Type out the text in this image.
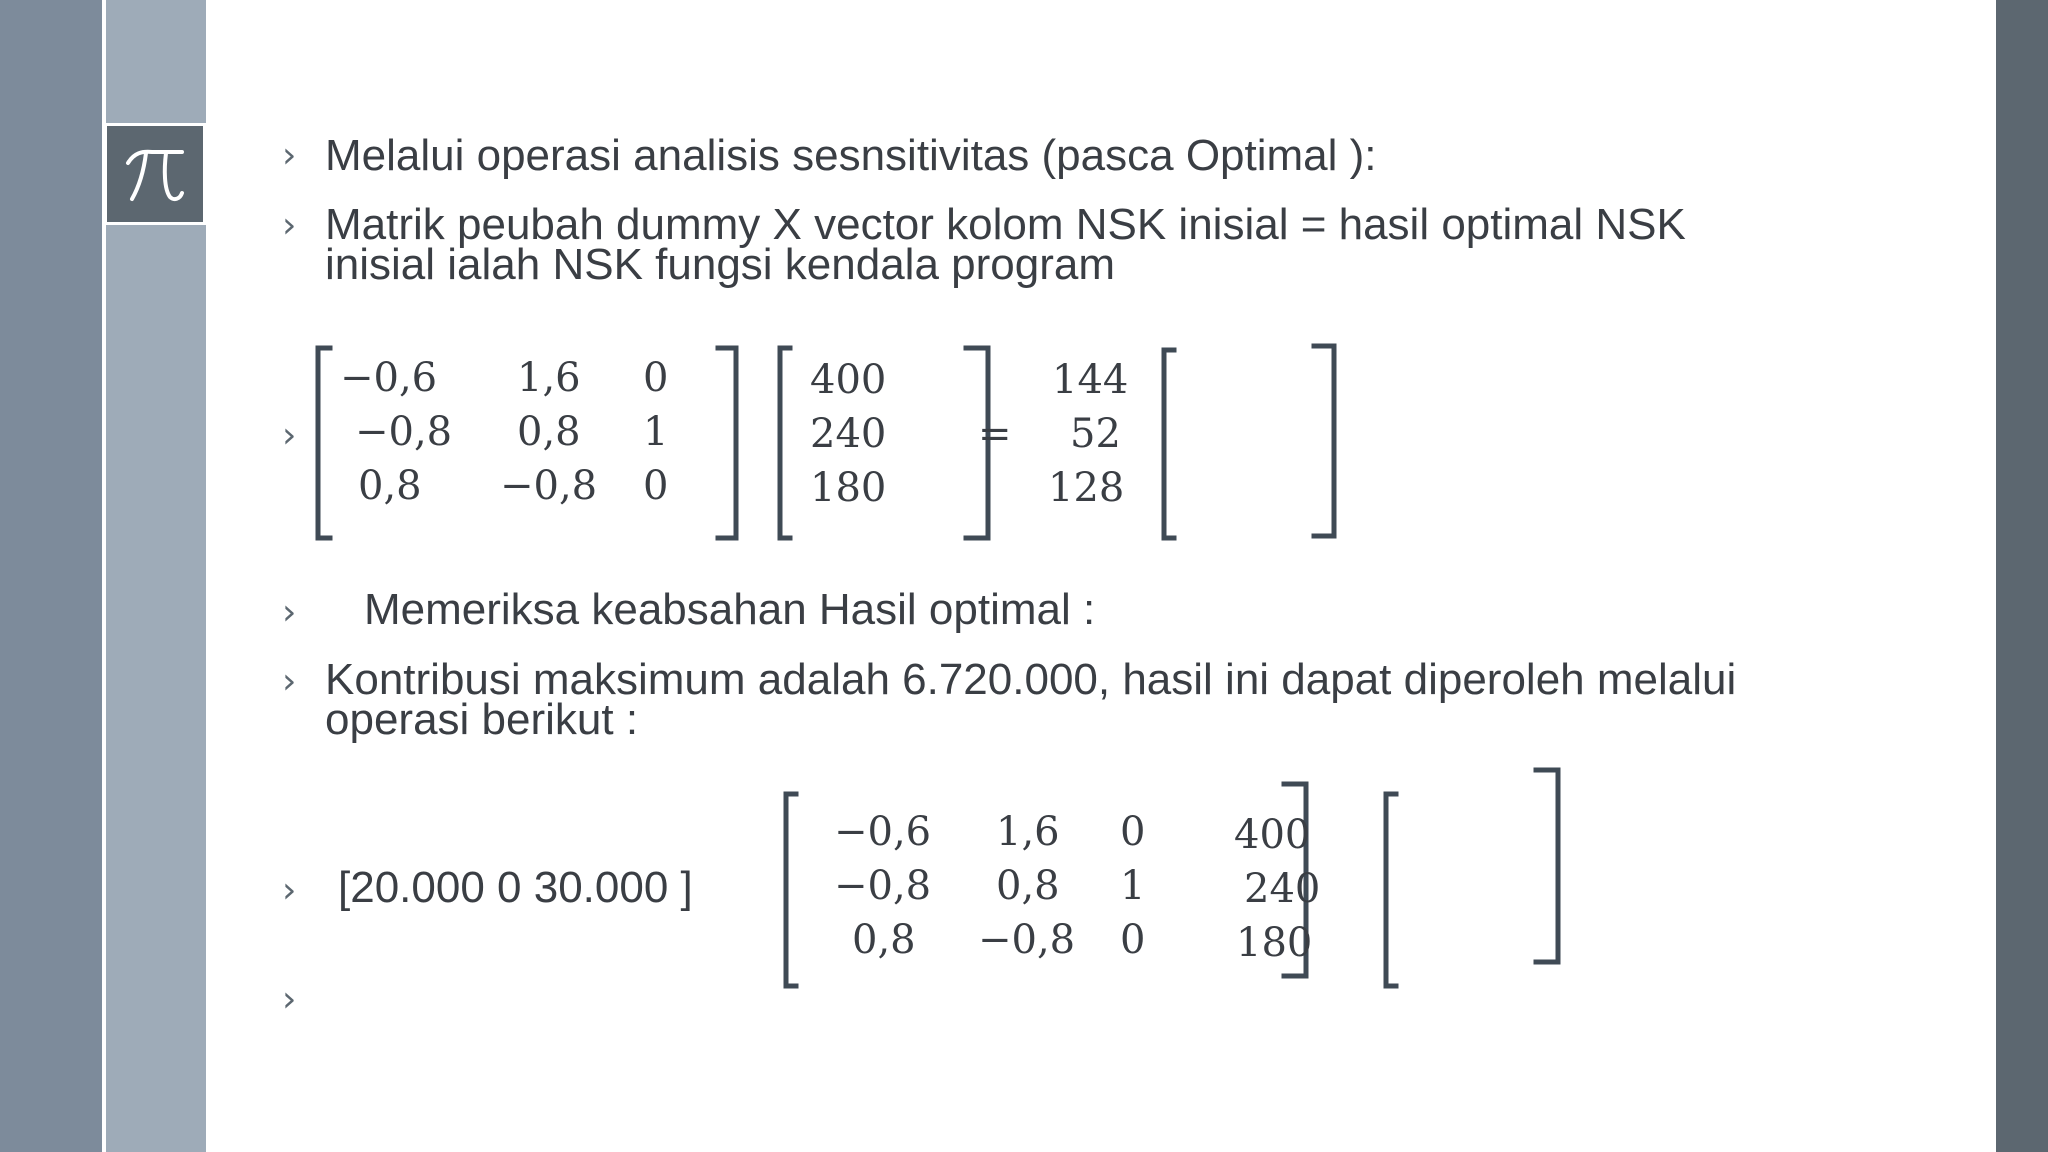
› Melalui operasi analisis sesnsitivitas (pasca Optimal ):
› Matrik peubah dummy X vector kolom NSK inisial = hasil optimal NSK
inisial ialah NSK fungsi kendala program
›
−0,6 1,6 0
−0,8 0,8 1
0,8 −0,8 0
400
240
180
=
144
52
128
› Memeriksa keabsahan Hasil optimal :
› Kontribusi maksimum adalah 6.720.000, hasil ini dapat diperoleh melalui
operasi berikut :
› [20.000 0 30.000 ]
−0,6 1,6 0
−0,8 0,8 1
0,8 −0,8 0
400
240
180
›
